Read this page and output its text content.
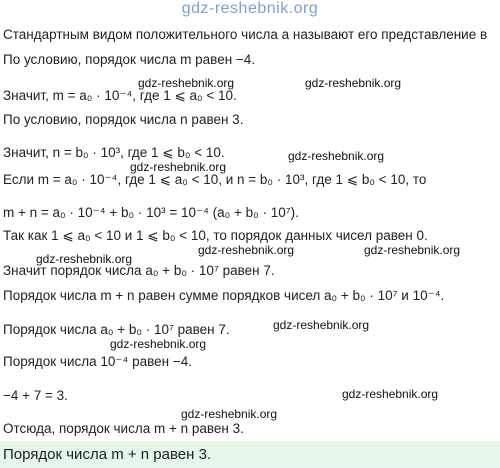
gdz-reshebnik.org
Стандартным видом положительного числа a называют его представление в
По условию, порядок числа m равен −4.
Значит, m = a₀ · 10⁻⁴, где 1 ⩽ a₀ < 10.
По условию, порядок числа n равен 3.
Значит, n = b₀ · 10³, где 1 ⩽ b₀ < 10.
Если m = a₀ · 10⁻⁴, где 1 ⩽ a₀ < 10, и n = b₀ · 10³, где 1 ⩽ b₀ < 10, то
m + n = a₀ · 10⁻⁴ + b₀ · 10³ = 10⁻⁴ (a₀ + b₀ · 10⁷).
Так как 1 ⩽ a₀ < 10 и 1 ⩽ b₀ < 10, то порядок данных чисел равен 0.
Значит порядок числа a₀ + b₀ · 10⁷ равен 7.
Порядок числа m + n равен сумме порядков чисел a₀ + b₀ · 10⁷ и 10⁻⁴.
Порядок числа a₀ + b₀ · 10⁷ равен 7.
Порядок числа 10⁻⁴ равен −4.
−4 + 7 = 3.
Отсюда, порядок числа m + n равен 3.
Порядок числа m + n равен 3.
gdz-reshebnik.org	gdz-reshebnik.org
gdz-reshebnik.org
gdz-reshebnik.org
gdz-reshebnik.org
gdz-reshebnik.org	gdz-reshebnik.org
gdz-reshebnik.org
gdz-reshebnik.org
gdz-reshebnik.org
gdz-reshebnik.org
